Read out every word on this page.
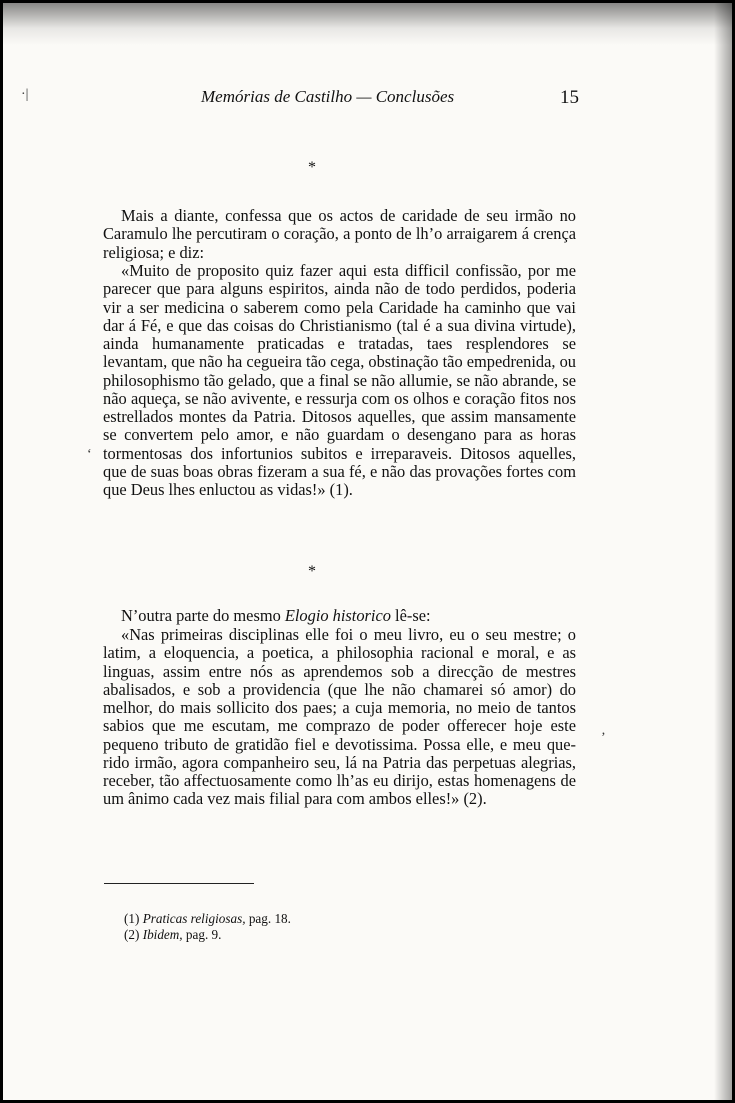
·|
‘
‚
Memórias de Castilho — Conclusões	15
*

Mais a diante, confessa que os actos de caridade de seu irmão no Caramulo lhe percutiram o coração, a ponto de lh’o arraigarem á crença religiosa; e diz:

«Muito de proposito quiz fazer aqui esta difficil confissão, por me parecer que para alguns espiritos, ainda não de todo perdidos, poderia vir a ser medicina o saberem como pela Caridade ha caminho que vai dar á Fé, e que das coisas do Christianismo (tal é a sua divina virtude), ainda humanamente praticadas e tratadas, taes resplendores se levantam, que não ha cegueira tão cega, obstinação tão empedrenida, ou philosophismo tão gelado, que a final se não allumie, se não abrande, se não aqueça, se não avivente, e ressurja com os olhos e coração fitos nos estrellados montes da Patria. Ditosos aquelles, que assim mansamente se convertem pelo amor, e não guardam o desengano para as horas tormentosas dos infortunios subitos e irreparaveis. Ditosos aquelles, que de suas boas obras fizeram a sua fé, e não das provações fortes com que Deus lhes enluctou as vidas!» (1).

*

N’outra parte do mesmo Elogio historico lê-se:

«Nas primeiras disciplinas elle foi o meu livro, eu o seu mestre; o latim, a eloquencia, a poetica, a philosophia racional e moral, e as linguas, assim entre nós as aprendemos sob a direcção de mestres abalisados, e sob a providencia (que lhe não chamarei só amor) do melhor, do mais sollicito dos paes; a cuja memoria, no meio de tantos sabios que me escutam, me comprazo de poder offerecer hoje este pequeno tributo de gratidão fiel e devotissima. Possa elle, e meu querido irmão, agora companheiro seu, lá na Patria das perpetuas alegrias, receber, tão affectuosamente como lh’as eu dirijo, estas homenagens de um ânimo cada vez mais filial para com ambos elles!» (2).

(1) Praticas religiosas, pag. 18.
(2) Ibidem, pag. 9.
